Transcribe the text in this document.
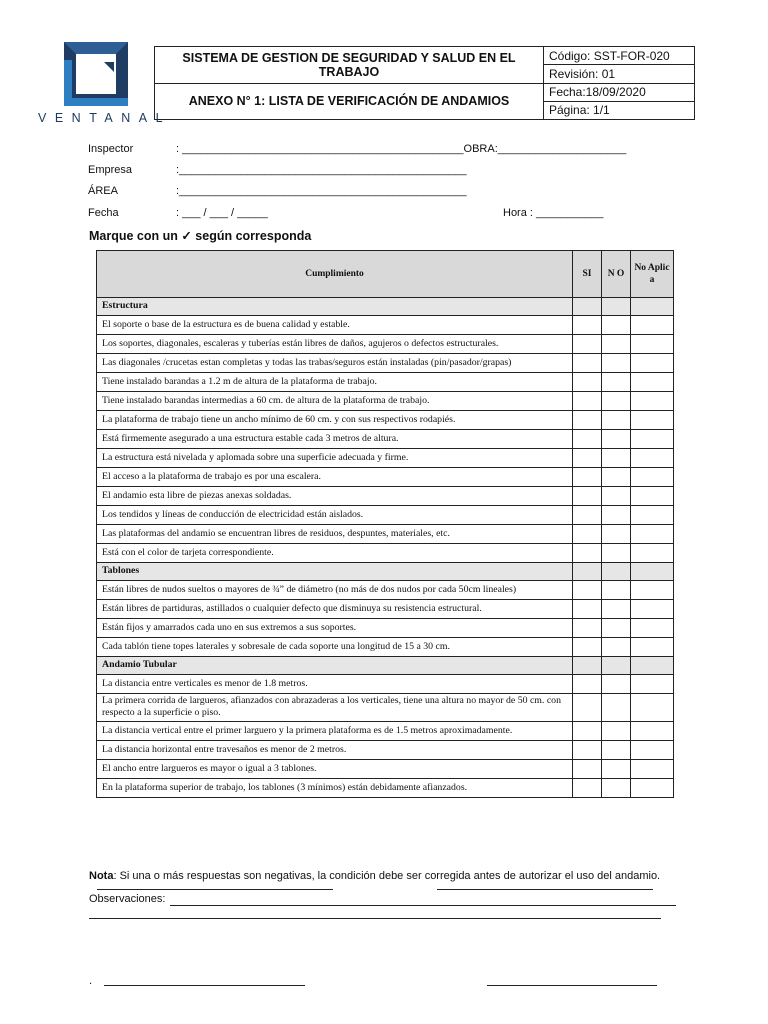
VENTANAL
SISTEMA DE GESTION DE SEGURIDAD Y SALUD EN EL TRABAJO	Código: SST-FOR-020
	Revisión: 01
ANEXO N° 1: LISTA DE VERIFICACIÓN DE ANDAMIOS	Fecha:18/09/2020
	Página: 1/1
Inspector	: ______________________________________________OBRA:_____________________
Empresa	:_______________________________________________
ÁREA	:_______________________________________________
Fecha	: ___ / ___ / _____	Hora : ___________
Marque con un ✓ según corresponda
Cumplimiento	SI	N O	No Aplic a
Estructura			
El soporte o base de la estructura es de buena calidad y estable.			
Los soportes, diagonales, escaleras y tuberías están libres de daños, agujeros o defectos estructurales.			
Las diagonales /crucetas estan completas y todas las trabas/seguros están instaladas (pin/pasador/grapas)			
Tiene instalado barandas a 1.2 m de altura de la plataforma de trabajo.			
Tiene instalado barandas intermedias a 60 cm. de altura de la plataforma de trabajo.			
La plataforma de trabajo tiene un ancho mínimo de 60 cm. y con sus respectivos rodapiés.			
Está firmemente asegurado a una estructura estable cada 3 metros de altura.			
La estructura está nivelada y aplomada sobre una superficie adecuada y firme.			
El acceso a la plataforma de trabajo es por una escalera.			
El andamio esta libre de piezas anexas soldadas.			
Los tendidos y líneas de conducción de electricidad están aislados.			
Las plataformas del andamio se encuentran libres de residuos, despuntes, materiales, etc.			
Está con el color de tarjeta correspondiente.			
Tablones			
Están libres de nudos sueltos o mayores de ¾” de diámetro (no más de dos nudos por cada 50cm lineales)			
Están libres de partiduras, astillados o cualquier defecto que disminuya su resistencia estructural.			
Están fijos y amarrados cada uno en sus extremos a sus soportes.			
Cada tablón tiene topes laterales y sobresale de cada soporte una longitud de 15 a 30 cm.			
Andamio Tubular			
La distancia entre verticales es menor de 1.8 metros.			
La primera corrida de largueros, afianzados con abrazaderas a los verticales, tiene una altura no mayor de 50 cm. con respecto a la superficie o piso.			
La distancia vertical entre el primer larguero y la primera plataforma es de 1.5 metros aproximadamente.			
La distancia horizontal entre travesaños es menor de 2 metros.			
El ancho entre largueros es mayor o igual a 3 tablones.			
En la plataforma superior de trabajo, los tablones (3 mínimos) están debidamente afianzados.			
Nota: Si una o más respuestas son negativas, la condición debe ser corregida antes de autorizar el uso del andamio.
Observaciones:
.
